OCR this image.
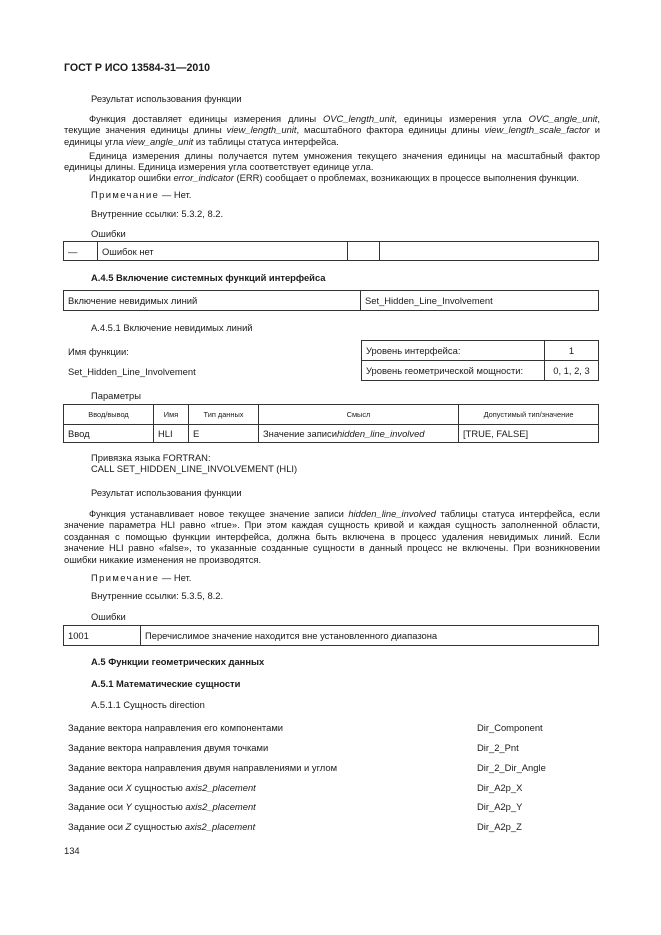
ГОСТ Р ИСО 13584-31—2010
Результат использования функции
Функция доставляет единицы измерения длины OVC_length_unit, единицы измерения угла OVC_angle_unit, текущие значения единицы длины view_length_unit, масштабного фактора единицы длины view_length_scale_factor и единицы угла view_angle_unit из таблицы статуса интерфейса.
Единица измерения длины получается путем умножения текущего значения единицы на масштабный фактор единицы длины. Единица измерения угла соответствует единице угла.
Индикатор ошибки error_indicator (ERR) сообщает о проблемах, возникающих в процессе выполнения функции.
Примечание — Нет.
Внутренние ссылки: 5.3.2, 8.2.
Ошибки
—	Ошибок нет
А.4.5 Включение системных функций интерфейса
Включение невидимых линий	Set_Hidden_Line_Involvement
А.4.5.1 Включение невидимых линий
Имя функции:
Set_Hidden_Line_Involvement
Уровень интерфейса:	1
Уровень геометрической мощности:	0, 1, 2, 3
Параметры
Ввод/вывод	Имя	Тип данных	Смысл	Допустимый тип/значение
Ввод	HLI	E	Значение записи hidden_line_involved	[TRUE, FALSE]
Привязка языка FORTRAN:
CALL SET_HIDDEN_LINE_INVOLVEMENT (HLI)
Результат использования функции
Функция устанавливает новое текущее значение записи hidden_line_involved таблицы статуса интерфейса, если значение параметра HLI равно «true». При этом каждая сущность кривой и каждая сущность заполненной области, созданная с помощью функции интерфейса, должна быть включена в процесс удаления невидимых линий. Если значение HLI равно «false», то указанные созданные сущности в данный процесс не включены. При возникновении ошибки никакие изменения не производятся.
Примечание — Нет.
Внутренние ссылки: 5.3.5, 8.2.
Ошибки
1001	Перечислимое значение находится вне установленного диапазона
А.5 Функции геометрических данных
А.5.1 Математические сущности
А.5.1.1 Сущность direction
Задание вектора направления его компонентами	Dir_Component
Задание вектора направления двумя точками	Dir_2_Pnt
Задание вектора направления двумя направлениями и углом	Dir_2_Dir_Angle
Задание оси X сущностью axis2_placement	Dir_A2p_X
Задание оси Y сущностью axis2_placement	Dir_A2p_Y
Задание оси Z сущностью axis2_placement	Dir_A2p_Z
134
